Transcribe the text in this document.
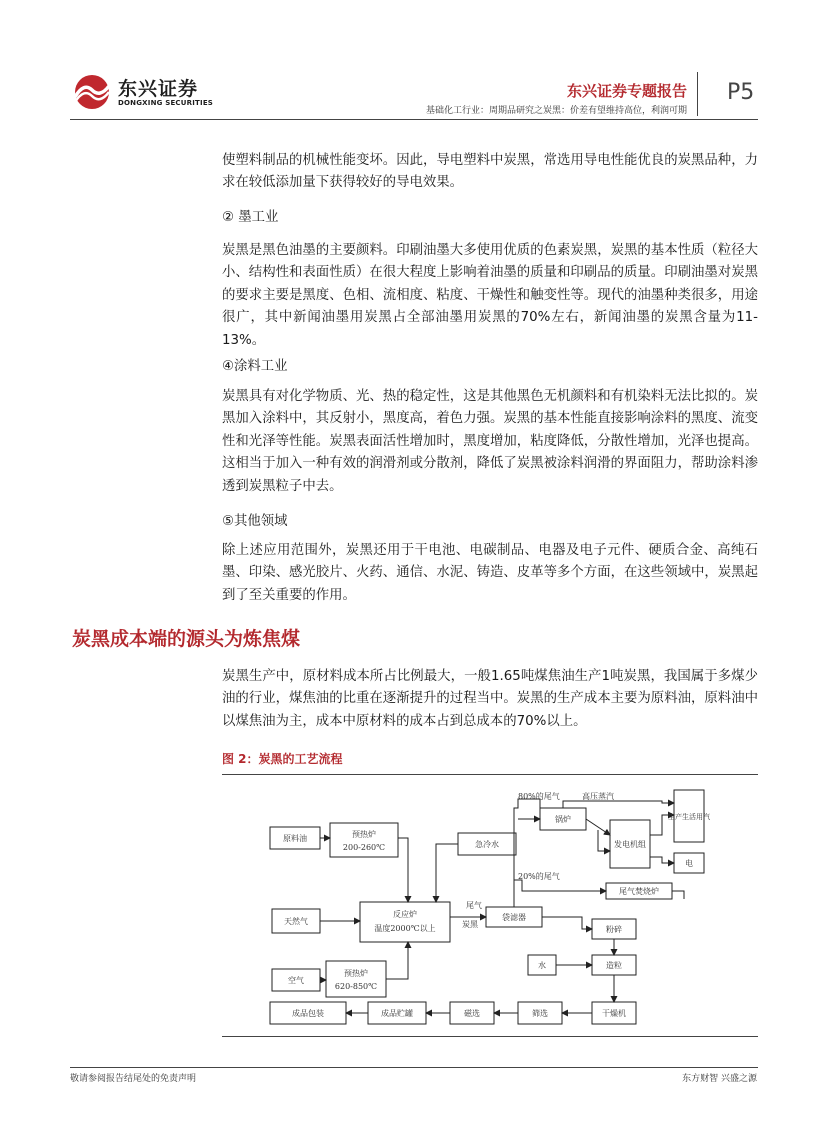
东兴证券
DONGXING SECURITIES
东兴证券专题报告
基础化工行业：周期品研究之炭黑：价差有望维持高位，利润可期
P5

使塑料制品的机械性能变坏。因此，导电塑料中炭黑，常选用导电性能优良的炭黑品种，力求在较低添加量下获得较好的导电效果。

② 墨工业

炭黑是黑色油墨的主要颜料。印刷油墨大多使用优质的色素炭黑，炭黑的基本性质（粒径大小、结构性和表面性质）在很大程度上影响着油墨的质量和印刷品的质量。印刷油墨对炭黑的要求主要是黑度、色相、流相度、粘度、干燥性和触变性等。现代的油墨种类很多，用途很广，其中新闻油墨用炭黑占全部油墨用炭黑的70%左右，新闻油墨的炭黑含量为11-13%。

④涂料工业

炭黑具有对化学物质、光、热的稳定性，这是其他黑色无机颜料和有机染料无法比拟的。炭黑加入涂料中，其反射小，黑度高，着色力强。炭黑的基本性能直接影响涂料的黑度、流变性和光泽等性能。炭黑表面活性增加时，黑度增加，粘度降低，分散性增加，光泽也提高。这相当于加入一种有效的润滑剂或分散剂，降低了炭黑被涂料润滑的界面阻力，帮助涂料渗透到炭黑粒子中去。

⑤其他领域

除上述应用范围外，炭黑还用于干电池、电碳制品、电器及电子元件、硬质合金、高纯石墨、印染、感光胶片、火药、通信、水泥、铸造、皮革等多个方面，在这些领域中，炭黑起到了至关重要的作用。

炭黑成本端的源头为炼焦煤

炭黑生产中，原材料成本所占比例最大，一般1.65吨煤焦油生产1吨炭黑，我国属于多煤少油的行业，煤焦油的比重在逐渐提升的过程当中。炭黑的生产成本主要为原料油，原料油中以煤焦油为主，成本中原材料的成本占到总成本的70%以上。

图 2：炭黑的工艺流程
原料油	预热炉
200-260℃	急冷水
天然气
反应炉
温度2000℃以上
空气
预热炉
620-850℃
袋滤器
尾气
炭黑
80%的尾气
20%的尾气
锅炉
高压蒸汽
发电机组
生产生活用汽
电
尾气焚烧炉
粉碎
水	造粒
干燥机
筛选
磁选
成品贮罐
成品包装
敬请参阅报告结尾处的免责声明	东方财智 兴盛之源
